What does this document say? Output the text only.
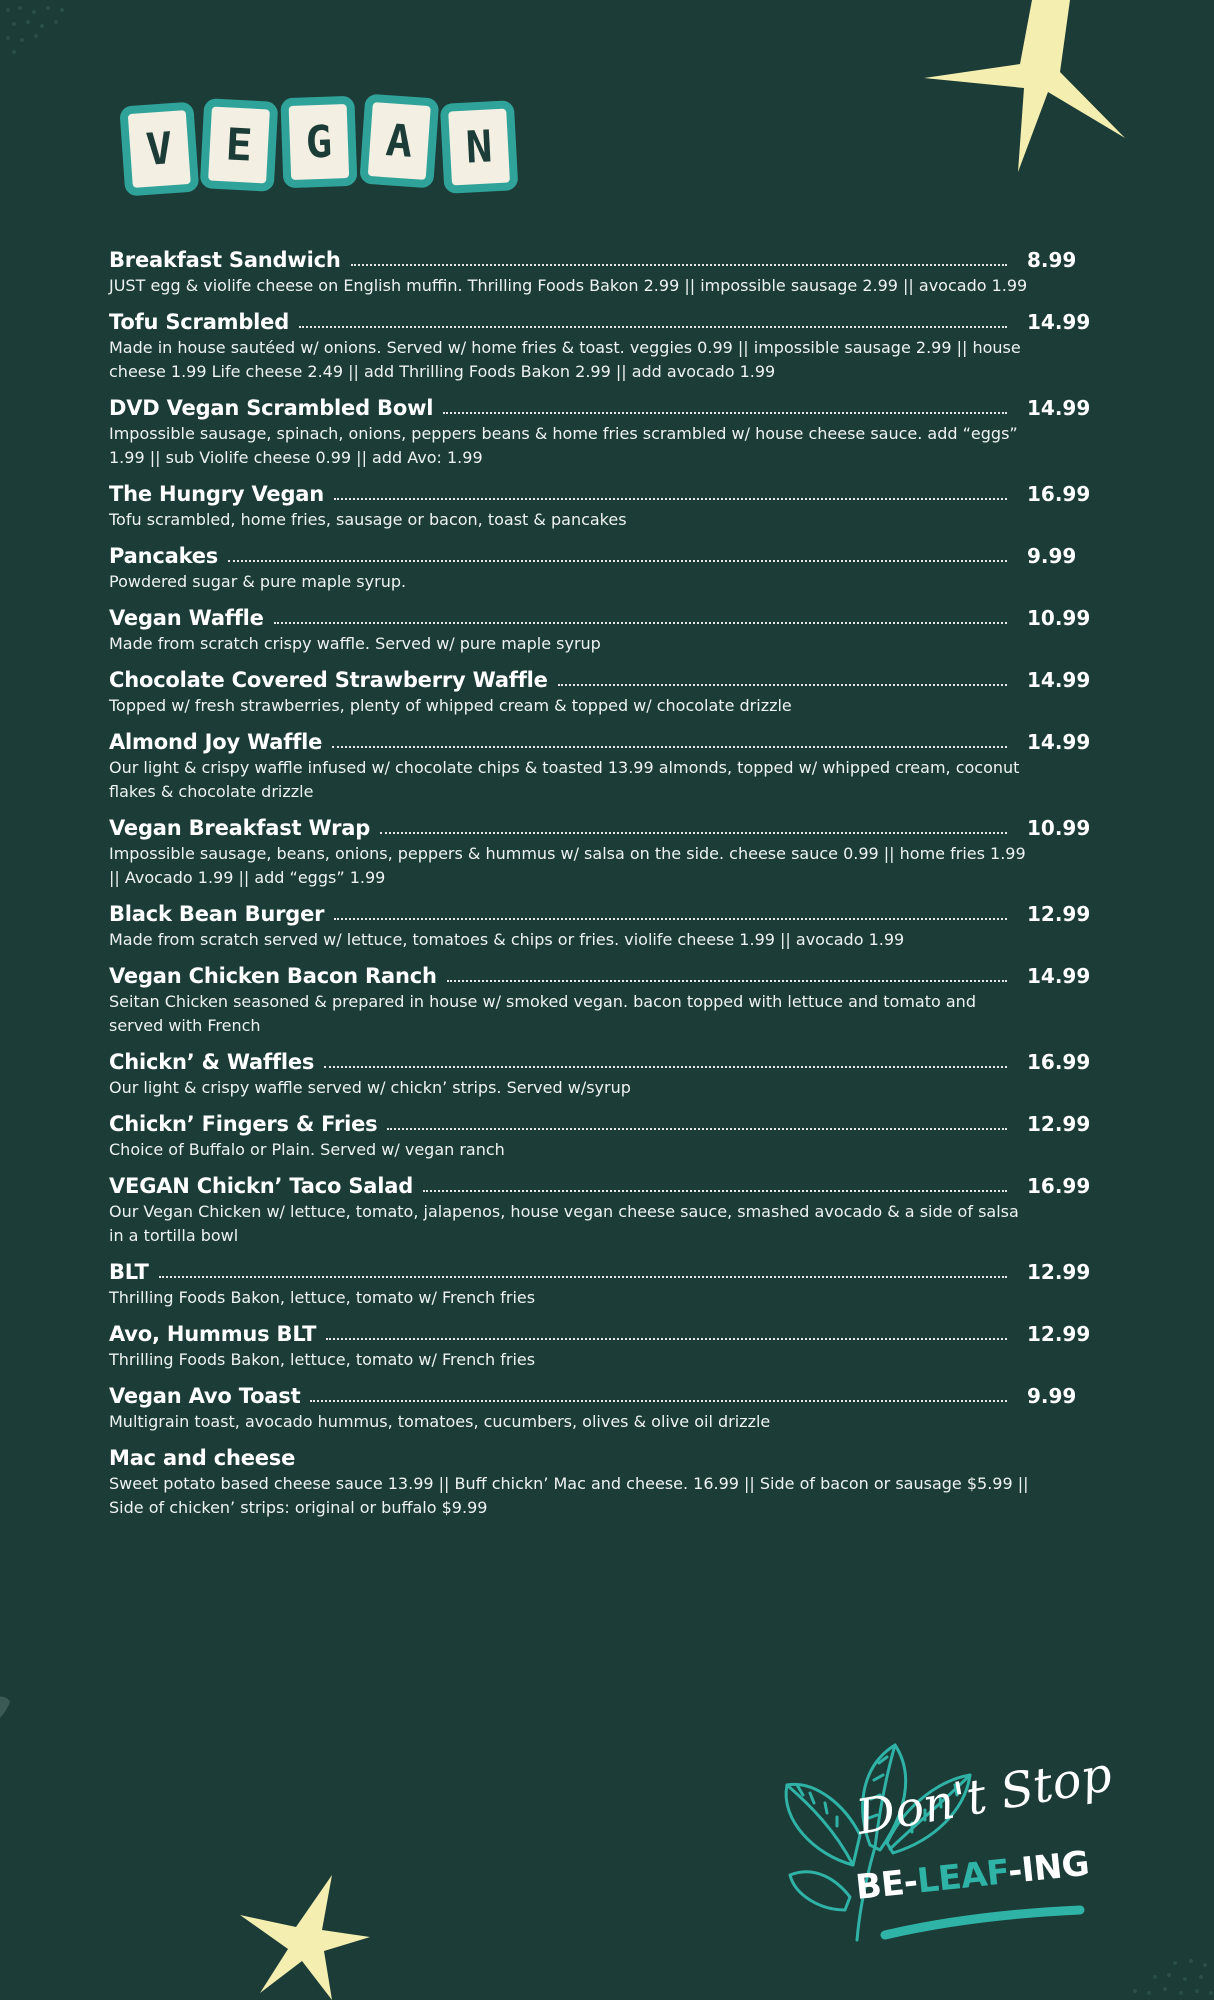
V	E	G	A	N
Breakfast Sandwich	8.99
JUST egg & violife cheese on English muffin. Thrilling Foods Bakon 2.99 || impossible sausage 2.99 || avocado 1.99
Tofu Scrambled	14.99
Made in house sautéed w/ onions. Served w/ home fries & toast. veggies 0.99 || impossible sausage 2.99 || house cheese 1.99 Life cheese 2.49 || add Thrilling Foods Bakon 2.99 || add avocado 1.99
DVD Vegan Scrambled Bowl	14.99
Impossible sausage, spinach, onions, peppers beans & home fries scrambled w/ house cheese sauce. add “eggs” 1.99 || sub Violife cheese 0.99 || add Avo: 1.99
The Hungry Vegan	16.99
Tofu scrambled, home fries, sausage or bacon, toast & pancakes
Pancakes	9.99
Powdered sugar & pure maple syrup.
Vegan Waffle	10.99
Made from scratch crispy waffle. Served w/ pure maple syrup
Chocolate Covered Strawberry Waffle	14.99
Topped w/ fresh strawberries, plenty of whipped cream & topped w/ chocolate drizzle
Almond Joy Waffle	14.99
Our light & crispy waffle infused w/ chocolate chips & toasted 13.99 almonds, topped w/ whipped cream, coconut flakes & chocolate drizzle
Vegan Breakfast Wrap	10.99
Impossible sausage, beans, onions, peppers & hummus w/ salsa on the side. cheese sauce 0.99 || home fries 1.99 || Avocado 1.99 || add “eggs” 1.99
Black Bean Burger	12.99
Made from scratch served w/ lettuce, tomatoes & chips or fries. violife cheese 1.99 || avocado 1.99
Vegan Chicken Bacon Ranch	14.99
Seitan Chicken seasoned & prepared in house w/ smoked vegan. bacon topped with lettuce and tomato and served with French
Chickn’ & Waffles	16.99
Our light & crispy waffle served w/ chickn’ strips. Served w/syrup
Chickn’ Fingers & Fries	12.99
Choice of Buffalo or Plain. Served w/ vegan ranch
VEGAN Chickn’ Taco Salad	16.99
Our Vegan Chicken w/ lettuce, tomato, jalapenos, house vegan cheese sauce, smashed avocado & a side of salsa in a tortilla bowl
BLT	12.99
Thrilling Foods Bakon, lettuce, tomato w/ French fries
Avo, Hummus BLT	12.99
Thrilling Foods Bakon, lettuce, tomato w/ French fries
Vegan Avo Toast	9.99
Multigrain toast, avocado hummus, tomatoes, cucumbers, olives & olive oil drizzle
Mac and cheese
Sweet potato based cheese sauce 13.99 || Buff chickn’ Mac and cheese. 16.99 || Side of bacon or sausage $5.99 || Side of chicken’ strips: original or buffalo $9.99
Don't Stop
BE-LEAF-ING
